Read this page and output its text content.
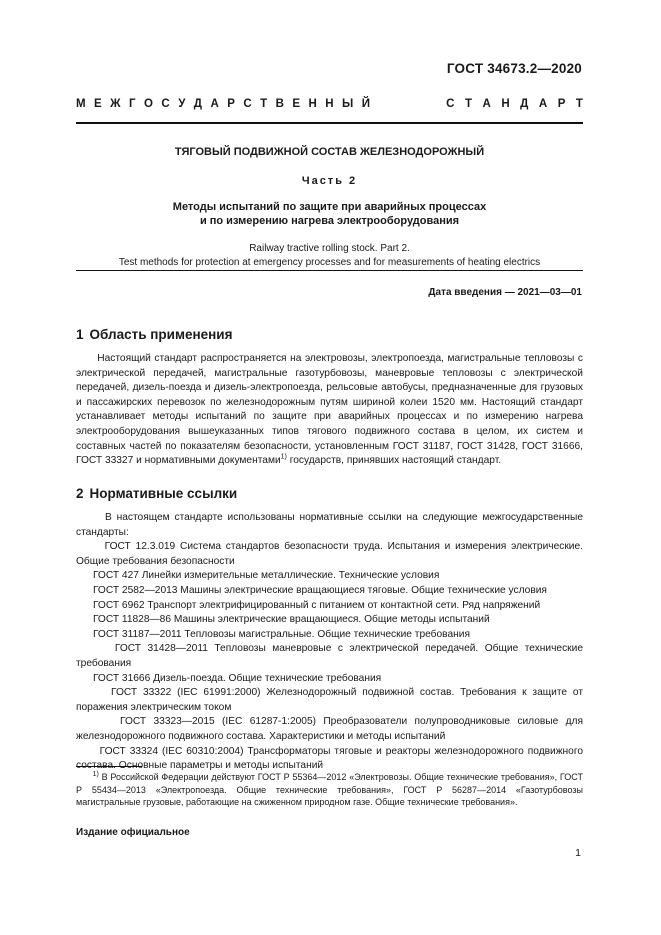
ГОСТ 34673.2—2020
М Е Ж Г О С У Д А Р С Т В Е Н Н Ы Й	С Т А Н Д А Р Т

ТЯГОВЫЙ ПОДВИЖНОЙ СОСТАВ ЖЕЛЕЗНОДОРОЖНЫЙ

Часть 2
Методы испытаний по защите при аварийных процессах
и по измерению нагрева электрооборудования
Railway tractive rolling stock. Part 2.
Test methods for protection at emergency processes and for measurements of heating electrics
Дата введения — 2021—03—01
1 Область применения

Настоящий стандарт распространяется на электровозы, электропоезда, магистральные тепловозы с электрической передачей, магистральные газотурбовозы, маневровые тепловозы с электрической передачей, дизель-поезда и дизель-электропоезда, рельсовые автобусы, предназначенные для грузовых и пассажирских перевозок по железнодорожным путям шириной колеи 1520 мм. Настоящий стандарт устанавливает методы испытаний по защите при аварийных процессах и по измерению нагрева электрооборудования вышеуказанных типов тягового подвижного состава в целом, их систем и составных частей по показателям безопасности, установленным ГОСТ 31187, ГОСТ 31428, ГОСТ 31666, ГОСТ 33327 и нормативными документами$^{1)}$ государств, принявших настоящий стандарт.

2 Нормативные ссылки

В настоящем стандарте использованы нормативные ссылки на следующие межгосударственные стандарты:

ГОСТ 12.3.019 Система стандартов безопасности труда. Испытания и измерения электрические. Общие требования безопасности

ГОСТ 427 Линейки измерительные металлические. Технические условия

ГОСТ 2582—2013 Машины электрические вращающиеся тяговые. Общие технические условия

ГОСТ 6962 Транспорт электрифицированный с питанием от контактной сети. Ряд напряжений

ГОСТ 11828—86 Машины электрические вращающиеся. Общие методы испытаний

ГОСТ 31187—2011 Тепловозы магистральные. Общие технические требования

ГОСТ 31428—2011 Тепловозы маневровые с электрической передачей. Общие технические требования

ГОСТ 31666 Дизель-поезда. Общие технические требования

ГОСТ 33322 (IEC 61991:2000) Железнодорожный подвижной состав. Требования к защите от поражения электрическим током

ГОСТ 33323—2015 (IEC 61287-1:2005) Преобразователи полупроводниковые силовые для железнодорожного подвижного состава. Характеристики и методы испытаний

ГОСТ 33324 (IEC 60310:2004) Трансформаторы тяговые и реакторы железнодорожного подвижного состава. Основные параметры и методы испытаний

$^{1)}$ В Российской Федерации действуют ГОСТ Р 55364—2012 «Электровозы. Общие технические требования», ГОСТ Р 55434—2013 «Электропоезда. Общие технические требования», ГОСТ Р 56287—2014 «Газотурбовозы магистральные грузовые, работающие на сжиженном природном газе. Общие технические требования».
Издание официальное
1
